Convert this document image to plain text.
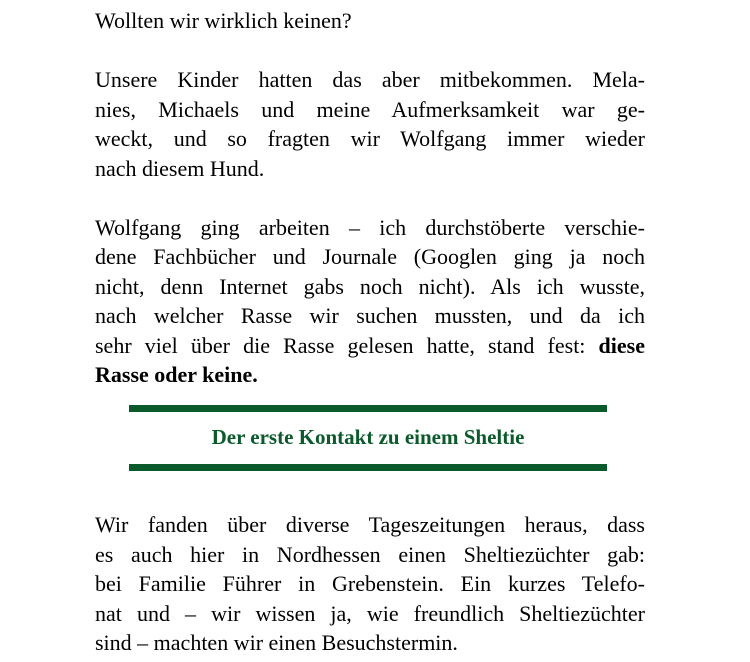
Wollten wir wirklich keinen?
Unsere Kinder hatten das aber mitbekommen. Mela-
nies, Michaels und meine Aufmerksamkeit war ge-
weckt, und so fragten wir Wolfgang immer wieder
nach diesem Hund.
Wolfgang ging arbeiten – ich durchstöberte verschie-
dene Fachbücher und Journale (Googlen ging ja noch
nicht, denn Internet gabs noch nicht). Als ich wusste,
nach welcher Rasse wir suchen mussten, und da ich
sehr viel über die Rasse gelesen hatte, stand fest: diese
Rasse oder keine.
Der erste Kontakt zu einem Sheltie
Wir fanden über diverse Tageszeitungen heraus, dass
es auch hier in Nordhessen einen Sheltiezüchter gab:
bei Familie Führer in Grebenstein. Ein kurzes Telefo-
nat und – wir wissen ja, wie freundlich Sheltiezüchter
sind – machten wir einen Besuchstermin.
